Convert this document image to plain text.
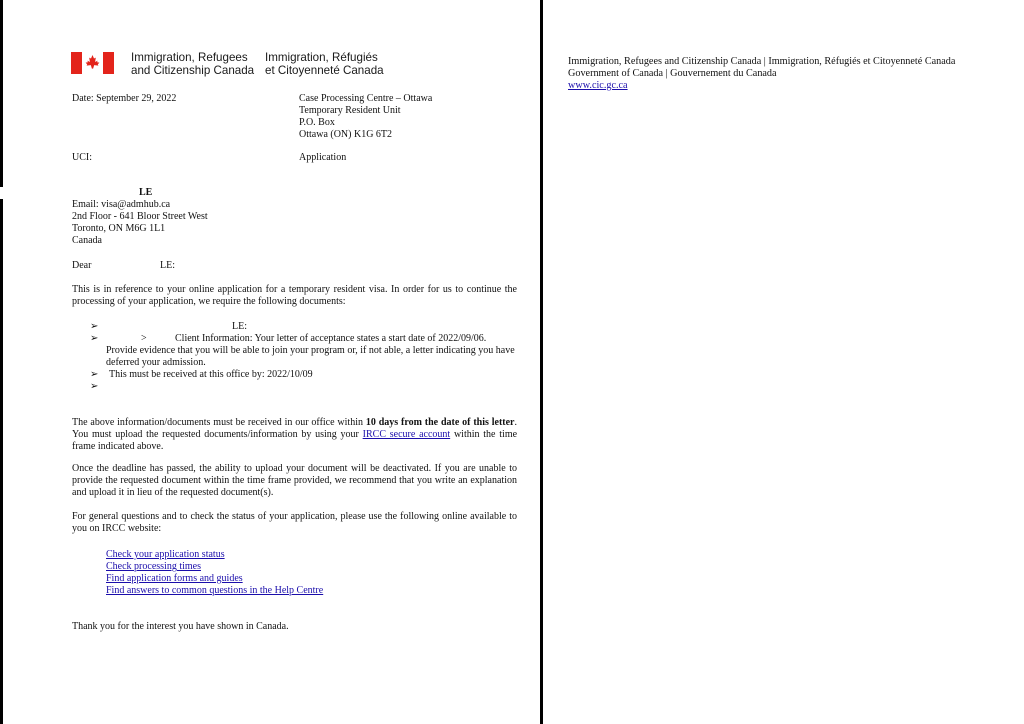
Immigration, Refugees
and Citizenship Canada
Immigration, Réfugiés
et Citoyenneté Canada
Date: September 29, 2022	Case Processing Centre – Ottawa
Temporary Resident Unit
P.O. Box
Ottawa (ON) K1G 6T2
UCI:	Application
LE
Email: visa@admhub.ca
2nd Floor - 641 Bloor Street West
Toronto, ON M6G 1L1
Canada
Dear	LE:
This is in reference to your online application for a temporary resident visa. In order for us to continue the processing of your application, we require the following documents:
➢	LE:
➢	>	Client Information: Your letter of acceptance states a start date of 2022/09/06.
Provide evidence that you will be able to join your program or, if not able, a letter indicating you have deferred your admission.
➢ This must be received at this office by: 2022/10/09
➢
The above information/documents must be received in our office within 10 days from the date of this letter. You must upload the requested documents/information by using your IRCC secure account within the time frame indicated above.
Once the deadline has passed, the ability to upload your document will be deactivated. If you are unable to provide the requested document within the time frame provided, we recommend that you write an explanation and upload it in lieu of the requested document(s).
For general questions and to check the status of your application, please use the following online available to you on IRCC website:
Check your application status
Check processing times
Find application forms and guides
Find answers to common questions in the Help Centre
Thank you for the interest you have shown in Canada.
Immigration, Refugees and Citizenship Canada | Immigration, Réfugiés et Citoyenneté Canada
Government of Canada | Gouvernement du Canada
www.cic.gc.ca
